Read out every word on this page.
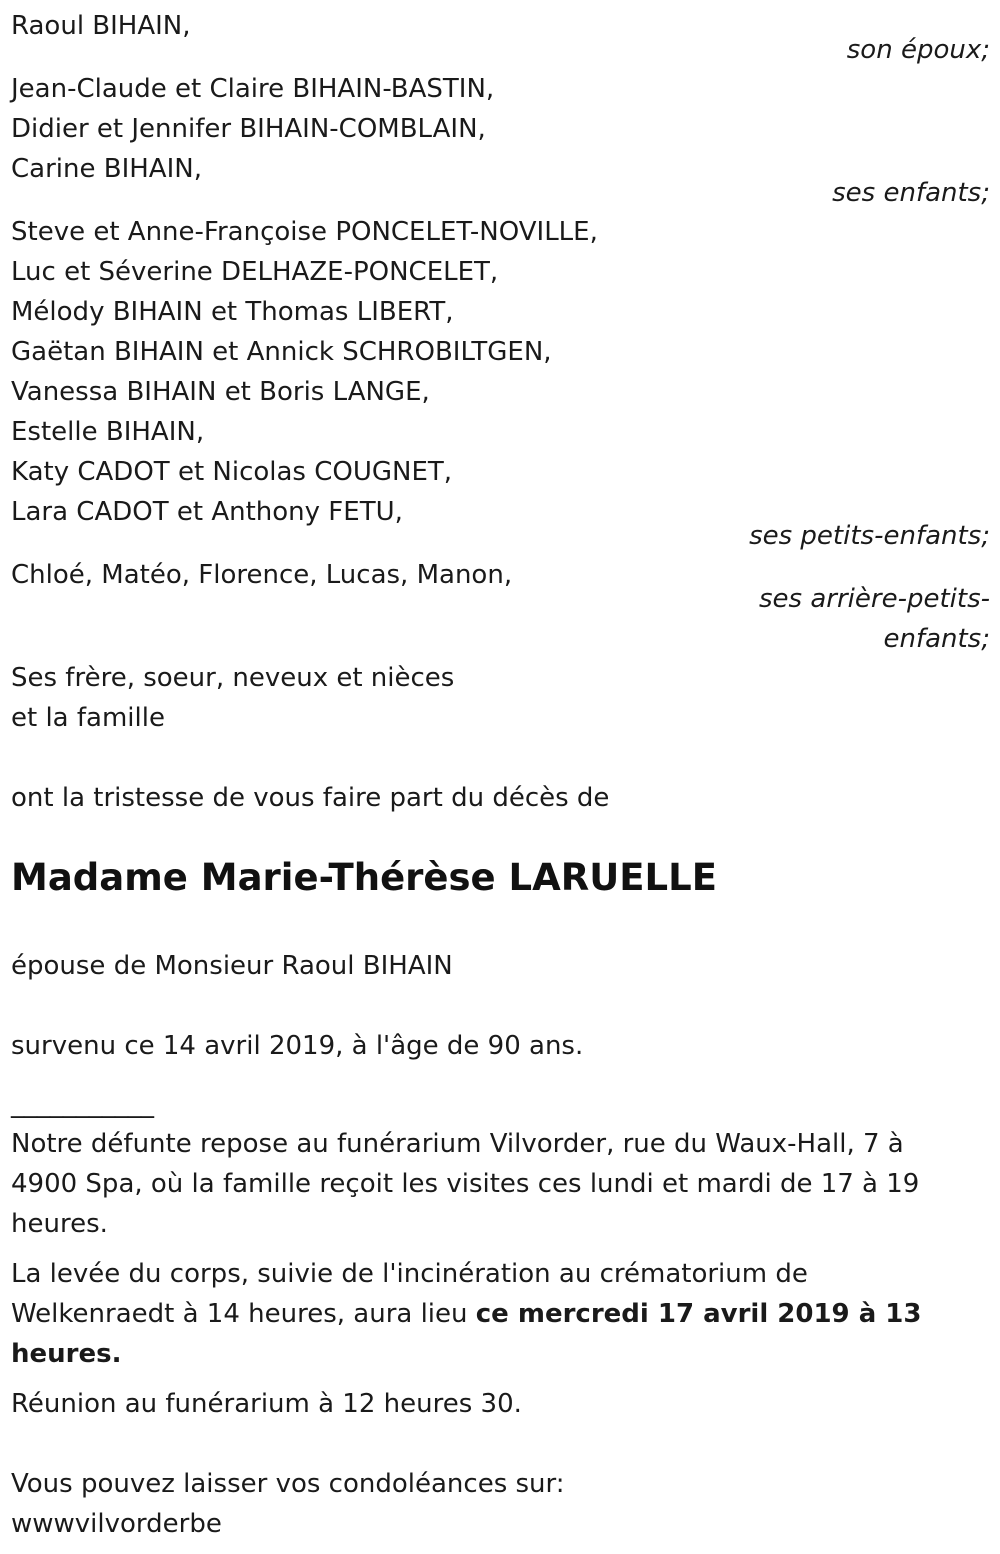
Raoul BIHAIN,
son époux;
Jean-Claude et Claire BIHAIN-BASTIN,
Didier et Jennifer BIHAIN-COMBLAIN,
Carine BIHAIN,
ses enfants;
Steve et Anne-Françoise PONCELET-NOVILLE,
Luc et Séverine DELHAZE-PONCELET,
Mélody BIHAIN et Thomas LIBERT,
Gaëtan BIHAIN et Annick SCHROBILTGEN,
Vanessa BIHAIN et Boris LANGE,
Estelle BIHAIN,
Katy CADOT et Nicolas COUGNET,
Lara CADOT et Anthony FETU,
ses petits-enfants;
Chloé, Matéo, Florence, Lucas, Manon,
ses arrière-petits-
enfants;
Ses frère, soeur, neveux et nièces
et la famille
ont la tristesse de vous faire part du décès de
Madame Marie-Thérèse LARUELLE
épouse de Monsieur Raoul BIHAIN
survenu ce 14 avril 2019, à l'âge de 90 ans.
___________
Notre défunte repose au funérarium Vilvorder, rue du Waux-Hall, 7 à 4900 Spa, où la famille reçoit les visites ces lundi et mardi de 17 à 19 heures.
La levée du corps, suivie de l'incinération au crématorium de Welkenraedt à 14 heures, aura lieu ce mercredi 17 avril 2019 à 13 heures.
Réunion au funérarium à 12 heures 30.
Vous pouvez laisser vos condoléances sur:
wwwvilvorderbe
